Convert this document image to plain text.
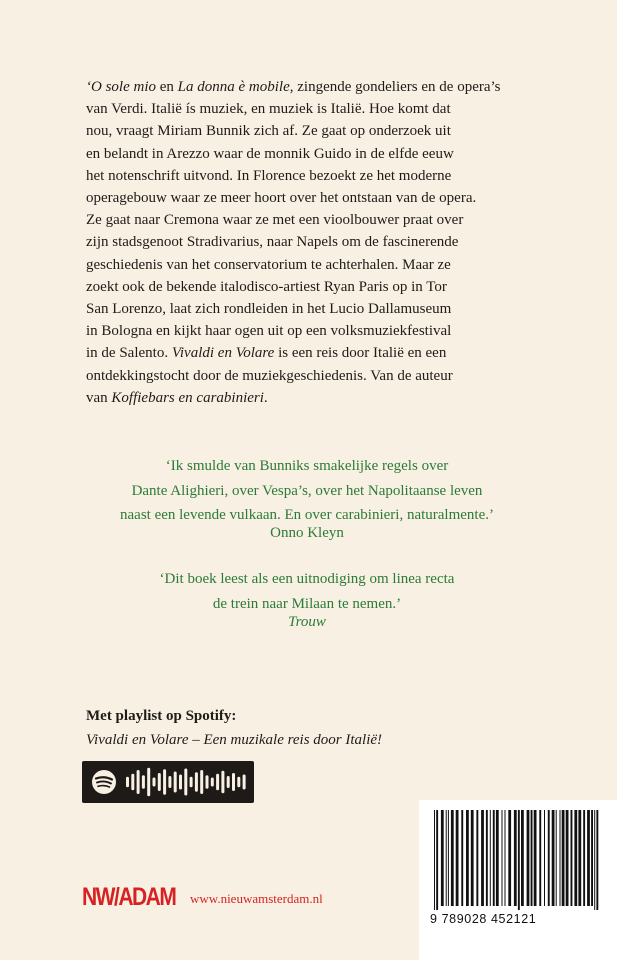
‘O sole mio en La donna è mobile, zingende gondeliers en de opera’s
van Verdi. Italië ís muziek, en muziek is Italië. Hoe komt dat
nou, vraagt Miriam Bunnik zich af. Ze gaat op onderzoek uit
en belandt in Arezzo waar de monnik Guido in de elfde eeuw
het notenschrift uitvond. In Florence bezoekt ze het moderne
operagebouw waar ze meer hoort over het ontstaan van de opera.
Ze gaat naar Cremona waar ze met een vioolbouwer praat over
zijn stadsgenoot Stradivarius, naar Napels om de fascinerende
geschiedenis van het conservatorium te achterhalen. Maar ze
zoekt ook de bekende italodisco-artiest Ryan Paris op in Tor
San Lorenzo, laat zich rondleiden in het Lucio Dallamuseum
in Bologna en kijkt haar ogen uit op een volksmuziekfestival
in de Salento. Vivaldi en Volare is een reis door Italië en een
ontdekkingstocht door de muziekgeschiedenis. Van de auteur
van Koffiebars en carabinieri.
‘Ik smulde van Bunniks smakelijke regels over
Dante Alighieri, over Vespa’s, over het Napolitaanse leven
naast een levende vulkaan. En over carabinieri, naturalmente.’
Onno Kleyn
‘Dit boek leest als een uitnodiging om linea recta
de trein naar Milaan te nemen.’
Trouw
Met playlist op Spotify:
Vivaldi en Volare – Een muzikale reis door Italië!
NW/ADAM www.nieuwamsterdam.nl
9 789028 452121
